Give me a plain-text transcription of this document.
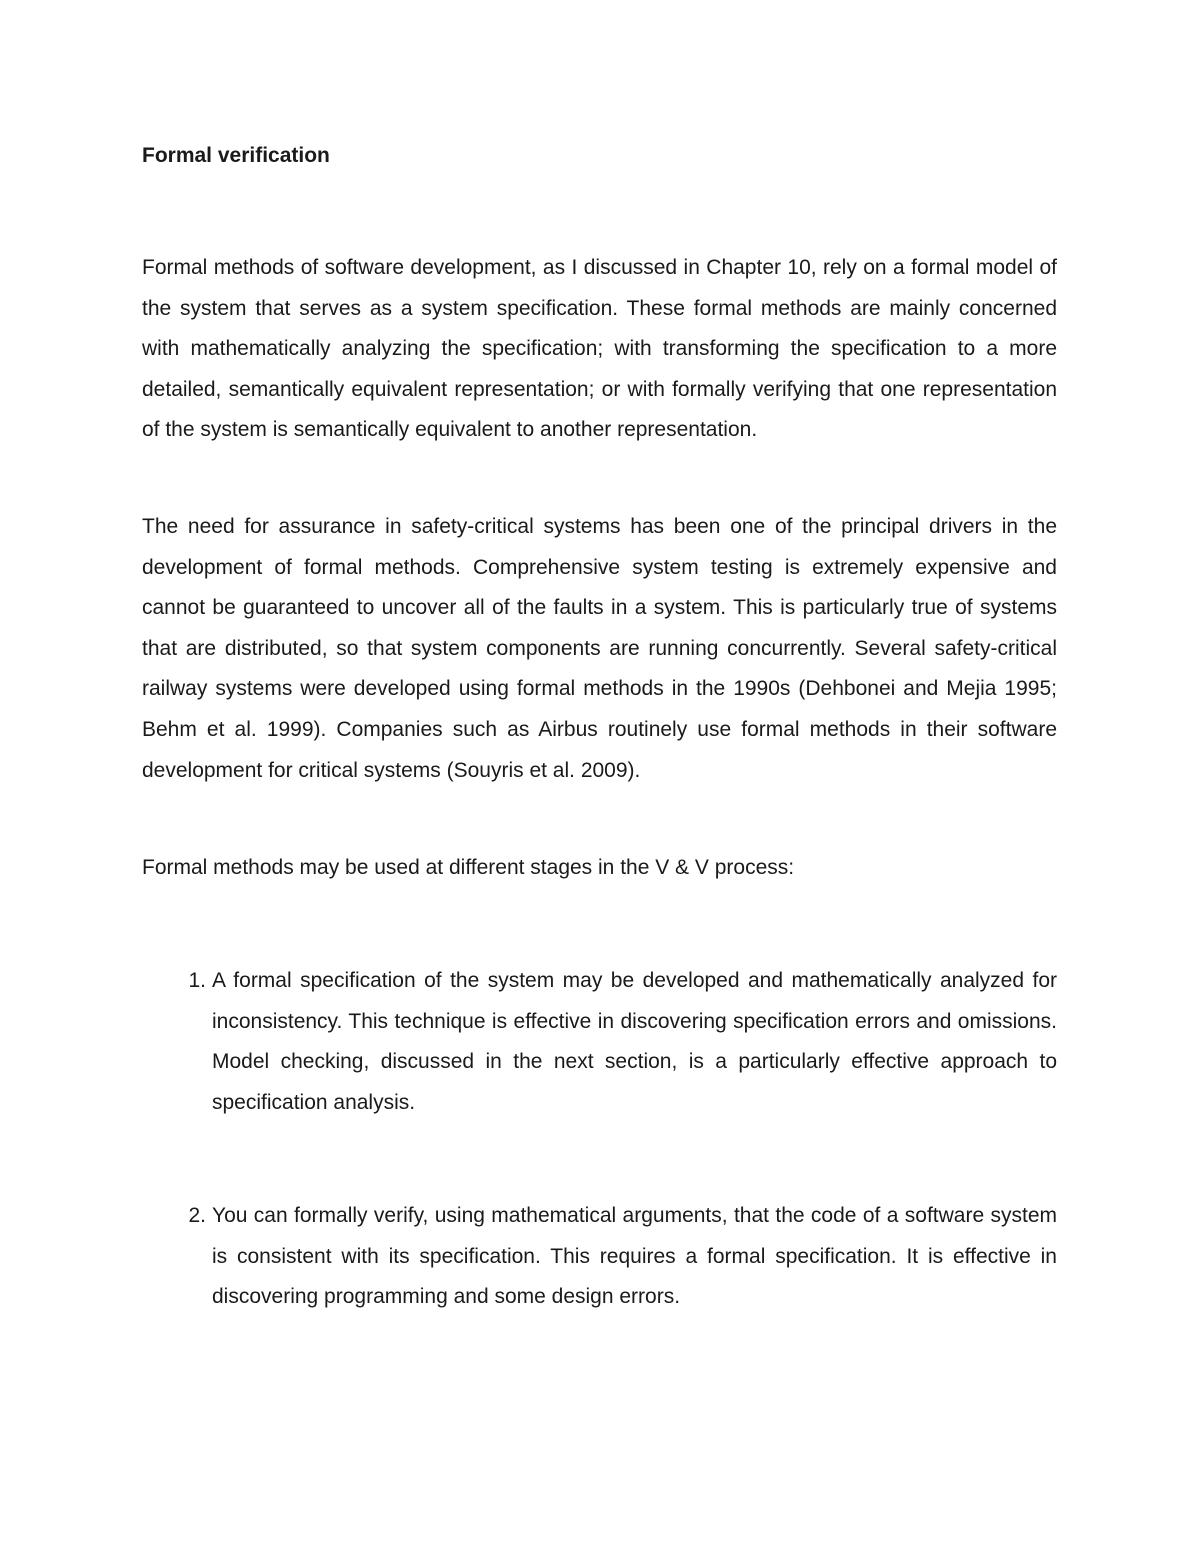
Formal verification

Formal methods of software development, as I discussed in Chapter 10, rely on a formal model of the system that serves as a system specification. These formal methods are mainly concerned with mathematically analyzing the specification; with transforming the specification to a more detailed, semantically equivalent representation; or with formally verifying that one representation of the system is semantically equivalent to another representation.

The need for assurance in safety-critical systems has been one of the principal drivers in the development of formal methods. Comprehensive system testing is extremely expensive and cannot be guaranteed to uncover all of the faults in a system. This is particularly true of systems that are distributed, so that system components are running concurrently. Several safety-critical railway systems were developed using formal methods in the 1990s (Dehbonei and Mejia 1995; Behm et al. 1999). Companies such as Airbus routinely use formal methods in their software development for critical systems (Souyris et al. 2009).

Formal methods may be used at different stages in the V & V process:

1. A formal specification of the system may be developed and mathematically analyzed for inconsistency. This technique is effective in discovering specification errors and omissions. Model checking, discussed in the next section, is a particularly effective approach to specification analysis.
2. You can formally verify, using mathematical arguments, that the code of a software system is consistent with its specification. This requires a formal specification. It is effective in discovering programming and some design errors.
